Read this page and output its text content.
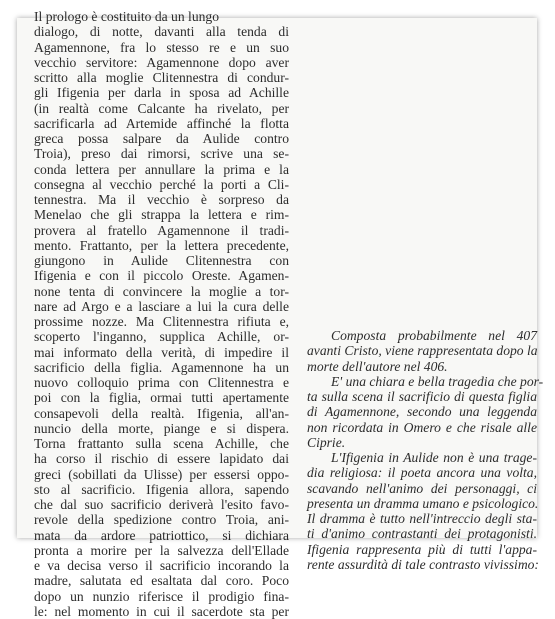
Il prologo è costituito da un lungo
dialogo, di notte, davanti alla tenda di
Agamennone, fra lo stesso re e un suo
vecchio servitore: Agamennone dopo aver
scritto alla moglie Clitennestra di condur-
gli Ifigenia per darla in sposa ad Achille
(in realtà come Calcante ha rivelato, per
sacrificarla ad Artemide affinché la flotta
greca possa salpare da Aulide contro
Troia), preso dai rimorsi, scrive una se-
conda lettera per annullare la prima e la
consegna al vecchio perché la porti a Cli-
tennestra. Ma il vecchio è sorpreso da
Menelao che gli strappa la lettera e rim-
provera al fratello Agamennone il tradi-
mento. Frattanto, per la lettera precedente,
giungono in Aulide Clitennestra con
Ifigenia e con il piccolo Oreste. Agamen-
none tenta di convincere la moglie a tor-
nare ad Argo e a lasciare a lui la cura delle
prossime nozze. Ma Clitennestra rifiuta e,
scoperto l'inganno, supplica Achille, or-
mai informato della verità, di impedire il
sacrificio della figlia. Agamennone ha un
nuovo colloquio prima con Clitennestra e
poi con la figlia, ormai tutti apertamente
consapevoli della realtà. Ifigenia, all'an-
nuncio della morte, piange e si dispera.
Torna frattanto sulla scena Achille, che
ha corso il rischio di essere lapidato dai
greci (sobillati da Ulisse) per essersi oppo-
sto al sacrificio. Ifigenia allora, sapendo
che dal suo sacrificio deriverà l'esito favo-
revole della spedizione contro Troia, ani-
mata da ardore patriottico, si dichiara
pronta a morire per la salvezza dell'Ellade
e va decisa verso il sacrificio incorando la
madre, salutata ed esaltata dal coro. Poco
dopo un nunzio riferisce il prodigio fina-
le: nel momento in cui il sacerdote sta per
Composta probabilmente nel 407
avanti Cristo, viene rappresentata dopo la
morte dell'autore nel 406.
E' una chiara e bella tragedia che por-
ta sulla scena il sacrificio di questa figlia
di Agamennone, secondo una leggenda
non ricordata in Omero e che risale alle
Ciprie.
L'Ifigenia in Aulide non è una trage-
dia religiosa: il poeta ancora una volta,
scavando nell'animo dei personaggi, ci
presenta un dramma umano e psicologico.
Il dramma è tutto nell'intreccio degli sta-
ti d'animo contrastanti dei protagonisti.
Ifigenia rappresenta più di tutti l'appa-
rente assurdità di tale contrasto vivissimo:
